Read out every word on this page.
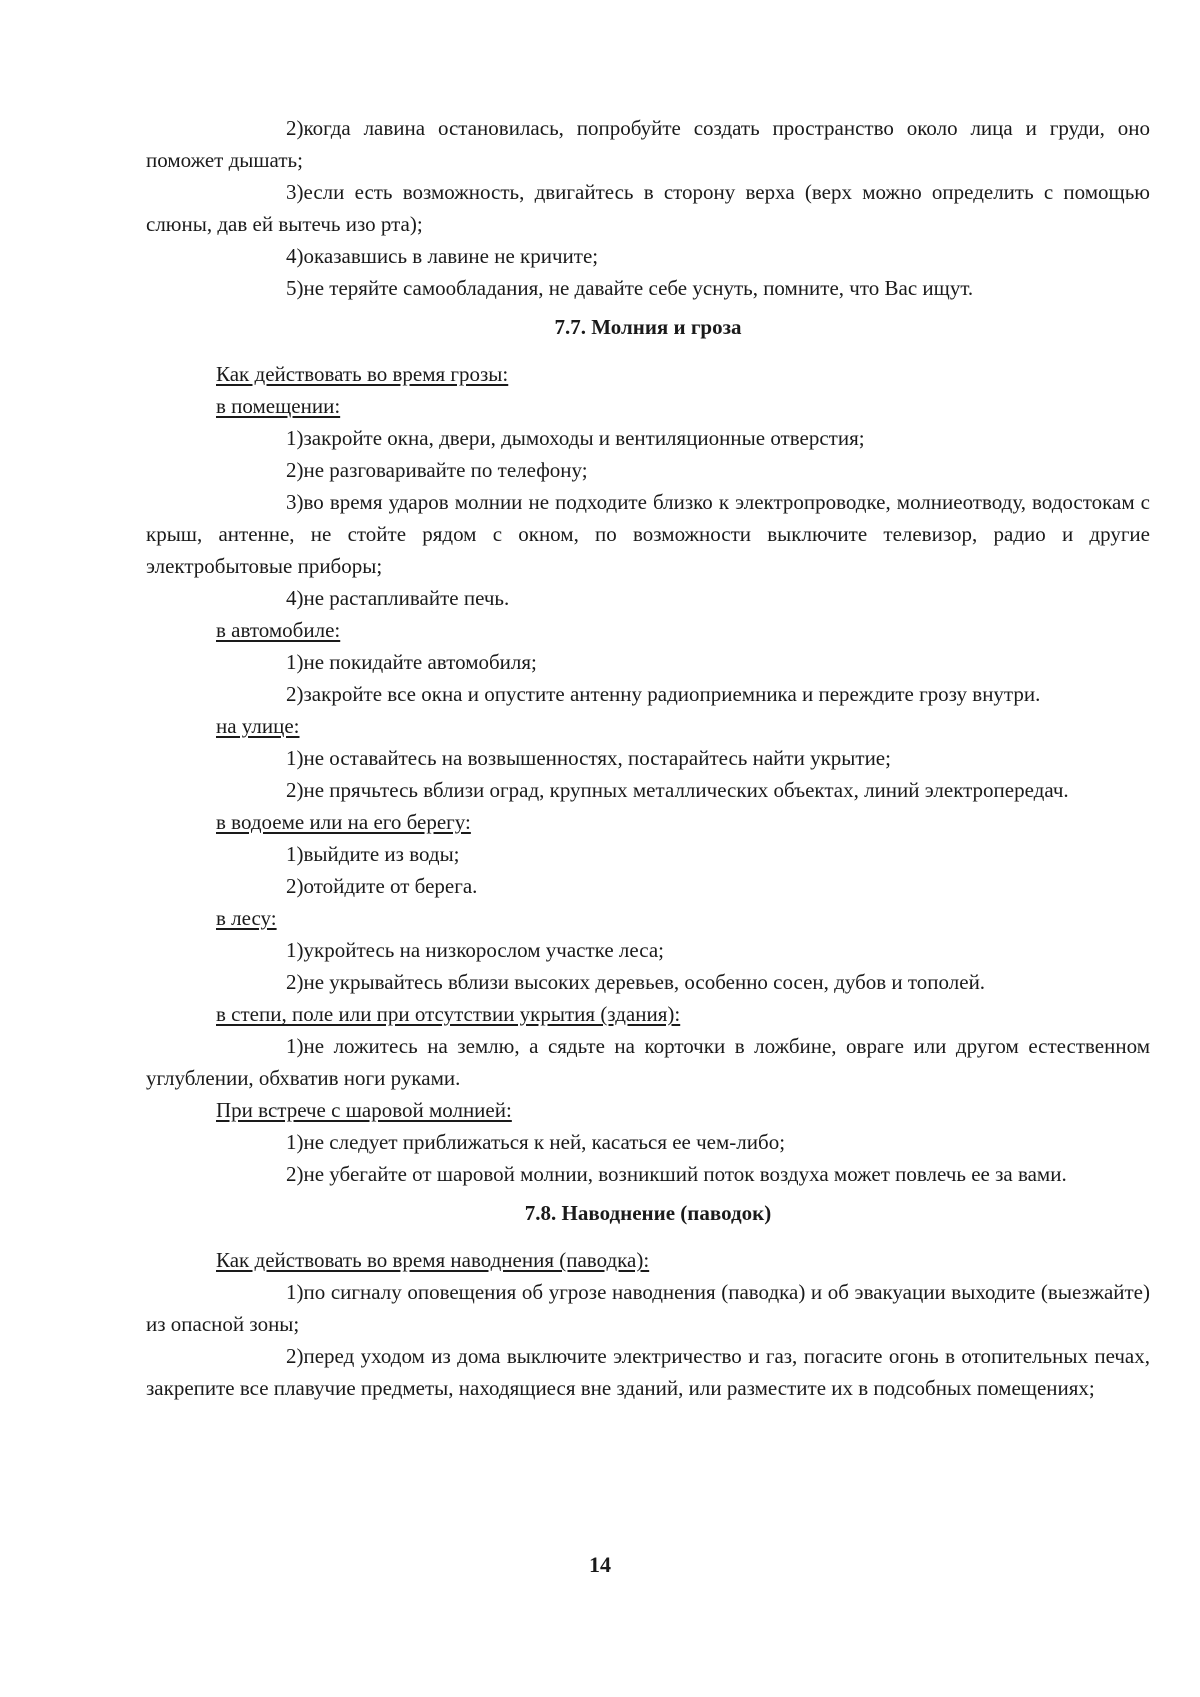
2)когда лавина остановилась, попробуйте создать пространство около лица и груди, оно поможет дышать;

3)если есть возможность, двигайтесь в сторону верха (верх можно определить с помощью слюны, дав ей вытечь изо рта);

4)оказавшись в лавине не кричите;

5)не теряйте самообладания, не давайте себе уснуть, помните, что Вас ищут.

7.7. Молния и гроза

Как действовать во время грозы:

в помещении:

1)закройте окна, двери, дымоходы и вентиляционные отверстия;

2)не разговаривайте по телефону;

3)во время ударов молнии не подходите близко к электропроводке, молниеотводу, водостокам с крыш, антенне, не стойте рядом с окном, по возможности выключите телевизор, радио и другие электробытовые приборы;

4)не растапливайте печь.

в автомобиле:

1)не покидайте автомобиля;

2)закройте все окна и опустите антенну радиоприемника и переждите грозу внутри.

на улице:

1)не оставайтесь на возвышенностях, постарайтесь найти укрытие;

2)не прячьтесь вблизи оград, крупных металлических объектах, линий электропередач.

в водоеме или на его берегу:

1)выйдите из воды;

2)отойдите от берега.

в лесу:

1)укройтесь на низкорослом участке леса;

2)не укрывайтесь вблизи высоких деревьев, особенно сосен, дубов и тополей.

в степи, поле или при отсутствии укрытия (здания):

1)не ложитесь на землю, а сядьте на корточки в ложбине, овраге или другом естественном углублении, обхватив ноги руками.

При встрече с шаровой молнией:

1)не следует приближаться к ней, касаться ее чем-либо;

2)не убегайте от шаровой молнии, возникший поток воздуха может повлечь ее за вами.

7.8. Наводнение (паводок)

Как действовать во время наводнения (паводка):

1)по сигналу оповещения об угрозе наводнения (паводка) и об эвакуации выходите (выезжайте) из опасной зоны;

2)перед уходом из дома выключите электричество и газ, погасите огонь в отопительных печах, закрепите все плавучие предметы, находящиеся вне зданий, или разместите их в подсобных помещениях;

14
